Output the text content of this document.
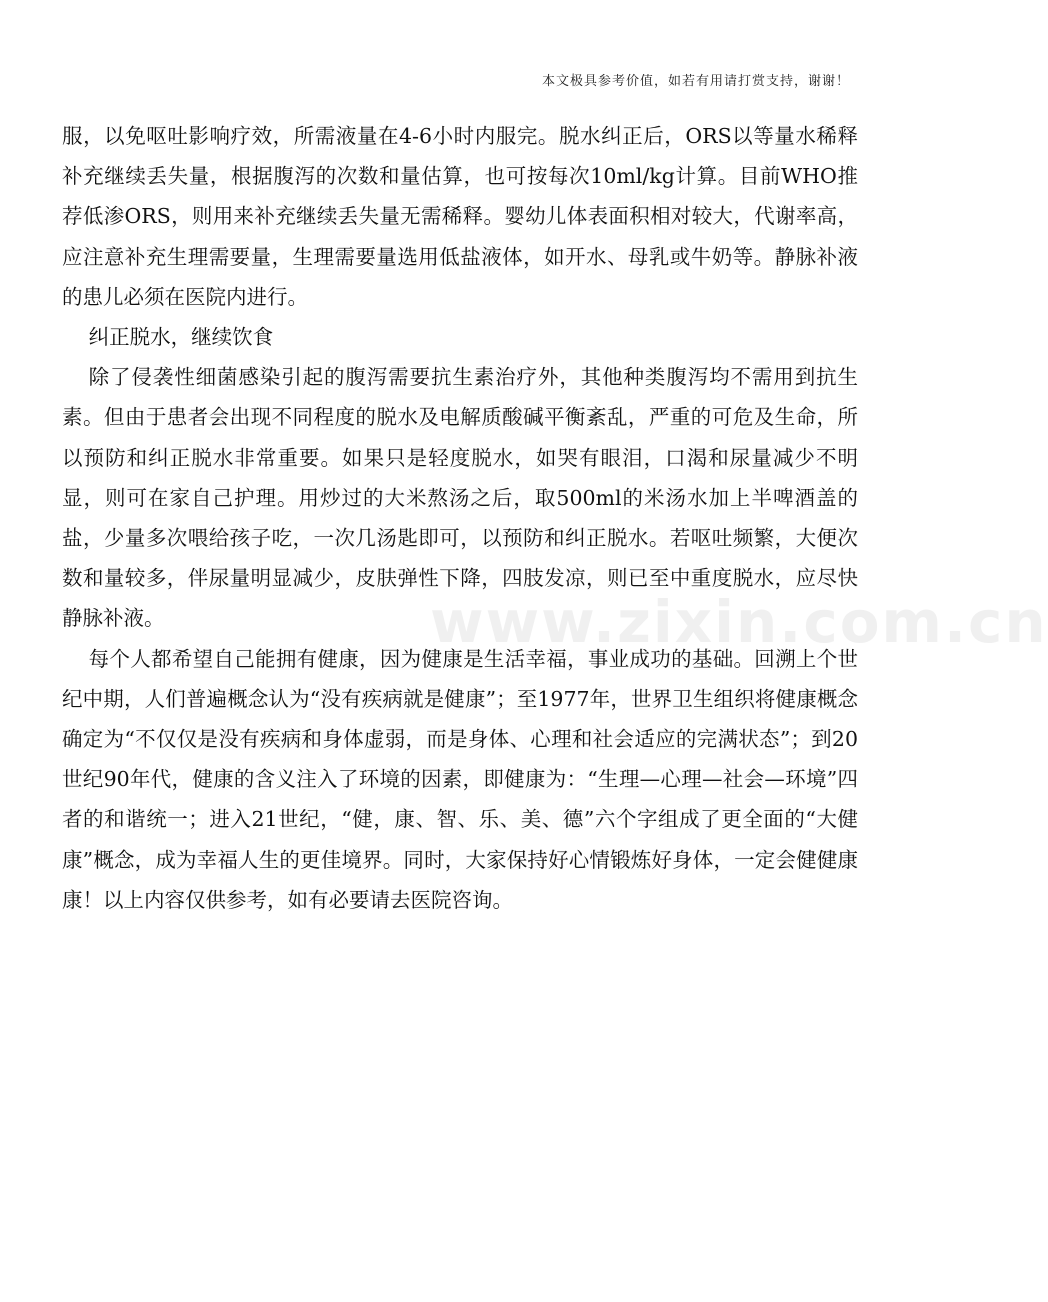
本文极具参考价值，如若有用请打赏支持，谢谢！

服，以免呕吐影响疗效，所需液量在4-6小时内服完。脱水纠正后，ORS以等量水稀释补充继续丢失量，根据腹泻的次数和量估算，也可按每次10ml/kg计算。目前WHO推荐低渗ORS，则用来补充继续丢失量无需稀释。婴幼儿体表面积相对较大，代谢率高，应注意补充生理需要量，生理需要量选用低盐液体，如开水、母乳或牛奶等。静脉补液的患儿必须在医院内进行。

纠正脱水，继续饮食

除了侵袭性细菌感染引起的腹泻需要抗生素治疗外，其他种类腹泻均不需用到抗生素。但由于患者会出现不同程度的脱水及电解质酸碱平衡紊乱，严重的可危及生命，所以预防和纠正脱水非常重要。如果只是轻度脱水，如哭有眼泪，口渴和尿量减少不明显，则可在家自己护理。用炒过的大米熬汤之后，取500ml的米汤水加上半啤酒盖的盐，少量多次喂给孩子吃，一次几汤匙即可，以预防和纠正脱水。若呕吐频繁，大便次数和量较多，伴尿量明显减少，皮肤弹性下降，四肢发凉，则已至中重度脱水，应尽快静脉补液。

每个人都希望自己能拥有健康，因为健康是生活幸福，事业成功的基础。回溯上个世纪中期，人们普遍概念认为“没有疾病就是健康”；至1977年，世界卫生组织将健康概念确定为“不仅仅是没有疾病和身体虚弱，而是身体、心理和社会适应的完满状态”；到20世纪90年代，健康的含义注入了环境的因素，即健康为：“生理—心理—社会—环境”四者的和谐统一；进入21世纪，“健，康、智、乐、美、德”六个字组成了更全面的“大健康”概念，成为幸福人生的更佳境界。同时，大家保持好心情锻炼好身体，一定会健健康康！以上内容仅供参考，如有必要请去医院咨询。

www.zixin.com.cn
